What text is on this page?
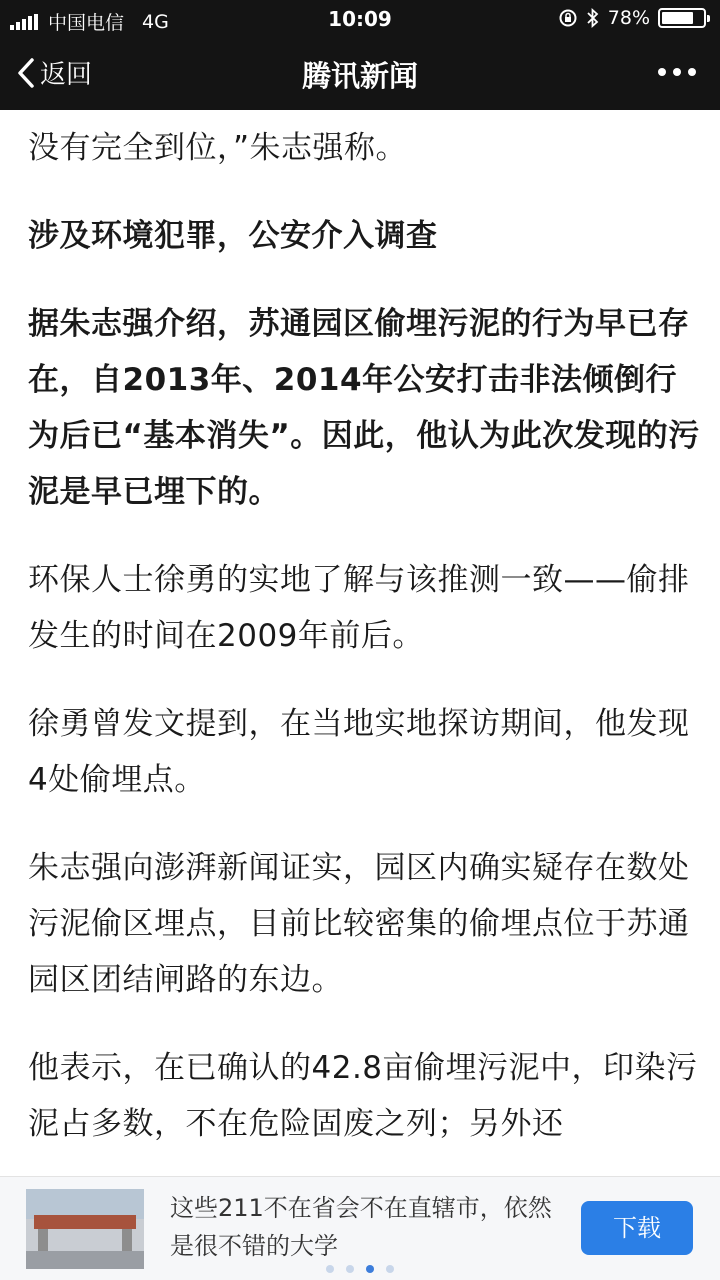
中国电信 4G	10:09	78%
返回	腾讯新闻

没有完全到位，”朱志强称。

涉及环境犯罪，公安介入调查

据朱志强介绍，苏通园区偷埋污泥的行为早已存在，自2013年、2014年公安打击非法倾倒行为后已“基本消失”。因此，他认为此次发现的污泥是早已埋下的。

环保人士徐勇的实地了解与该推测一致——偷排发生的时间在2009年前后。

徐勇曾发文提到，在当地实地探访期间，他发现4处偷埋点。

朱志强向澎湃新闻证实，园区内确实疑存在数处污泥偷区埋点，目前比较密集的偷埋点位于苏通园区团结闸路的东边。

他表示，在已确认的42.8亩偷埋污泥中，印染污泥占多数，不在危险固废之列；另外还

这些211不在省会不在直辖市，依然是很不错的大学
下载
